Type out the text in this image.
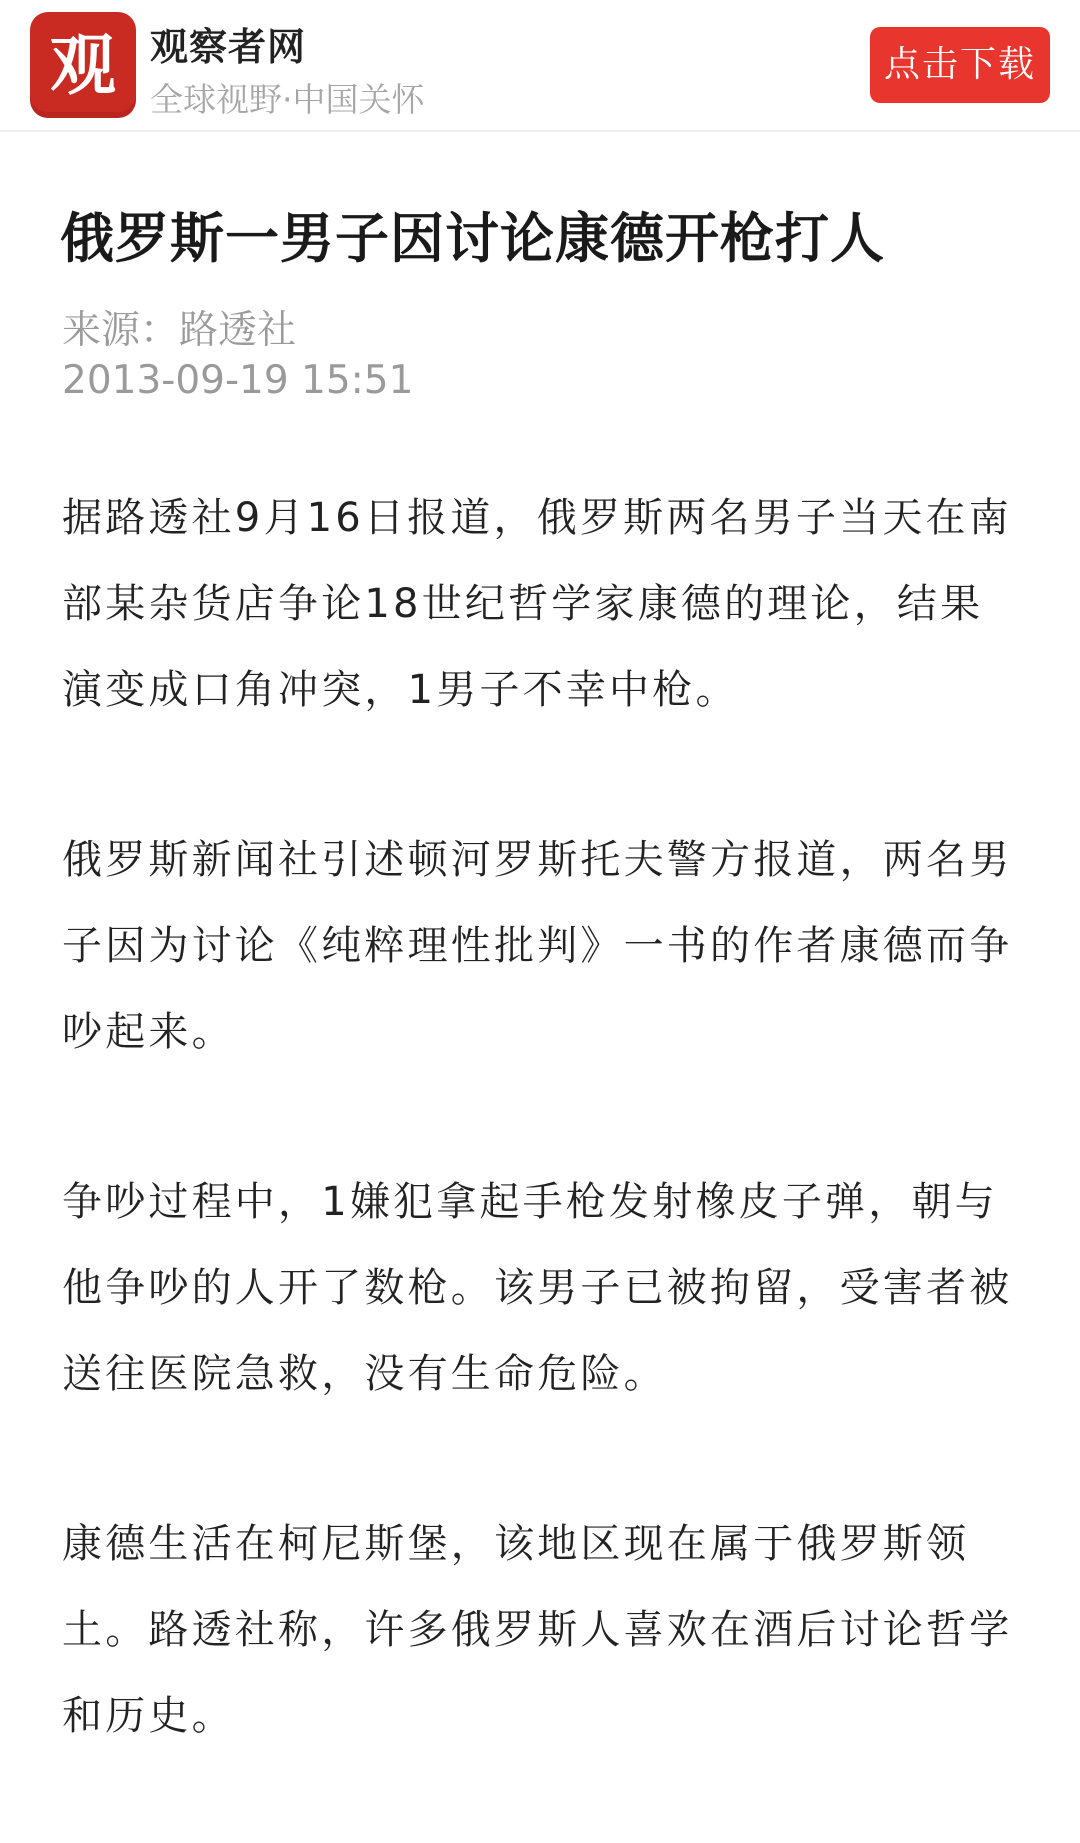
观 观察者网
全球视野·中国关怀
点击下载
俄罗斯一男子因讨论康德开枪打人
来源：路透社
2013-09-19 15:51

据路透社9月16日报道，俄罗斯两名男子当天在南部某杂货店争论18世纪哲学家康德的理论，结果演变成口角冲突，1男子不幸中枪。

俄罗斯新闻社引述顿河罗斯托夫警方报道，两名男子因为讨论《纯粹理性批判》一书的作者康德而争吵起来。

争吵过程中，1嫌犯拿起手枪发射橡皮子弹，朝与他争吵的人开了数枪。该男子已被拘留，受害者被送往医院急救，没有生命危险。

康德生活在柯尼斯堡，该地区现在属于俄罗斯领土。路透社称，许多俄罗斯人喜欢在酒后讨论哲学和历史。
